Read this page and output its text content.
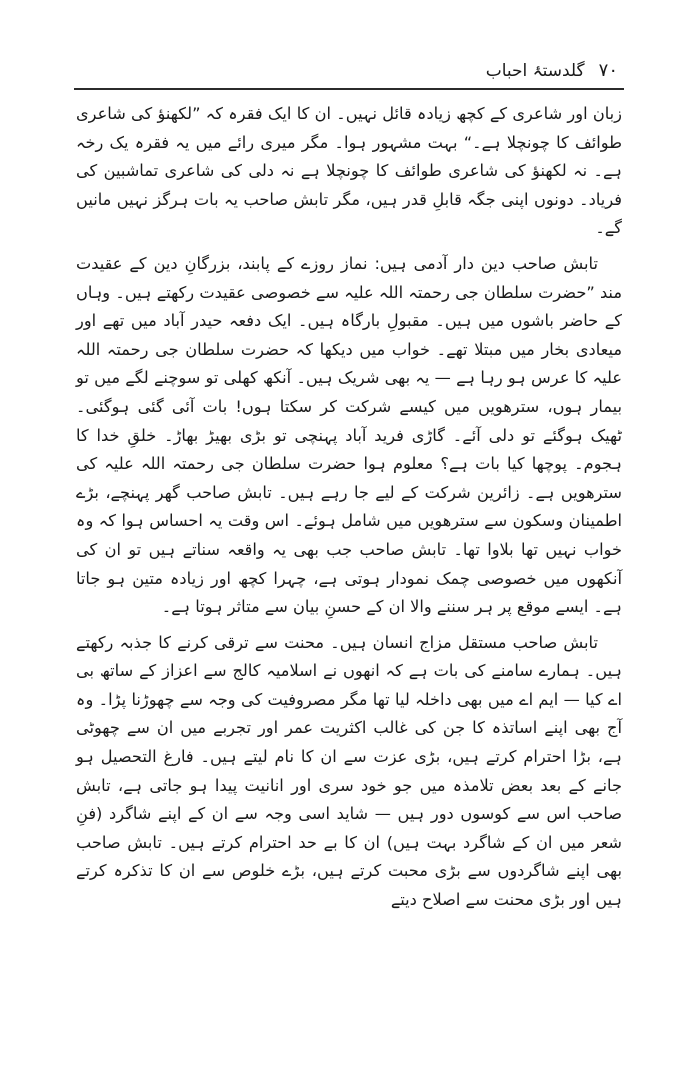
۷۰
گلدستۂ احباب

زبان اور شاعری کے کچھ زیادہ قائل نہیں۔ ان کا ایک فقرہ کہ ”لکھنؤ کی شاعری طوائف کا چونچلا ہے۔“ بہت مشہور ہوا۔ مگر میری رائے میں یہ فقرہ یک رخہ ہے۔ نہ لکھنؤ کی شاعری طوائف کا چونچلا ہے نہ دلی کی شاعری تماشبین کی فریاد۔ دونوں اپنی جگہ قابلِ قدر ہیں، مگر تابش صاحب یہ بات ہرگز نہیں مانیں گے۔

تابش صاحب دین دار آدمی ہیں: نماز روزے کے پابند، بزرگانِ دین کے عقیدت مند ”حضرت سلطان جی رحمتہ اللہ علیہ سے خصوصی عقیدت رکھتے ہیں۔ وہاں کے حاضر باشوں میں ہیں۔ مقبولِ بارگاہ ہیں۔ ایک دفعہ حیدر آباد میں تھے اور میعادی بخار میں مبتلا تھے۔ خواب میں دیکھا کہ حضرت سلطان جی رحمتہ اللہ علیہ کا عرس ہو رہا ہے — یہ بھی شریک ہیں۔ آنکھ کھلی تو سوچنے لگے میں تو بیمار ہوں، سترھویں میں کیسے شرکت کر سکتا ہوں! بات آئی گئی ہوگئی۔ ٹھیک ہوگئے تو دلی آئے۔ گاڑی فرید آباد پہنچی تو بڑی بھیڑ بھاڑ۔ خلقِ خدا کا ہجوم۔ پوچھا کیا بات ہے؟ معلوم ہوا حضرت سلطان جی رحمتہ اللہ علیہ کی سترھویں ہے۔ زائرین شرکت کے لیے جا رہے ہیں۔ تابش صاحب گھر پہنچے، بڑے اطمینان وسکون سے سترھویں میں شامل ہوئے۔ اس وقت یہ احساس ہوا کہ وہ خواب نہیں تھا بلاوا تھا۔ تابش صاحب جب بھی یہ واقعہ سناتے ہیں تو ان کی آنکھوں میں خصوصی چمک نمودار ہوتی ہے، چہرا کچھ اور زیادہ متین ہو جاتا ہے۔ ایسے موقع پر ہر سننے والا ان کے حسنِ بیان سے متاثر ہوتا ہے۔

تابش صاحب مستقل مزاج انسان ہیں۔ محنت سے ترقی کرنے کا جذبہ رکھتے ہیں۔ ہمارے سامنے کی بات ہے کہ انھوں نے اسلامیہ کالج سے اعزاز کے ساتھ بی اے کیا — ایم اے میں بھی داخلہ لیا تھا مگر مصروفیت کی وجہ سے چھوڑنا پڑا۔ وہ آج بھی اپنے اساتذہ کا جن کی غالب اکثریت عمر اور تجربے میں ان سے چھوٹی ہے، بڑا احترام کرتے ہیں، بڑی عزت سے ان کا نام لیتے ہیں۔ فارغ التحصیل ہو جانے کے بعد بعض تلامذہ میں جو خود سری اور انانیت پیدا ہو جاتی ہے، تابش صاحب اس سے کوسوں دور ہیں — شاید اسی وجہ سے ان کے اپنے شاگرد (فنِ شعر میں ان کے شاگرد بہت ہیں) ان کا بے حد احترام کرتے ہیں۔ تابش صاحب بھی اپنے شاگردوں سے بڑی محبت کرتے ہیں، بڑے خلوص سے ان کا تذکرہ کرتے ہیں اور بڑی محنت سے اصلاح دیتے
